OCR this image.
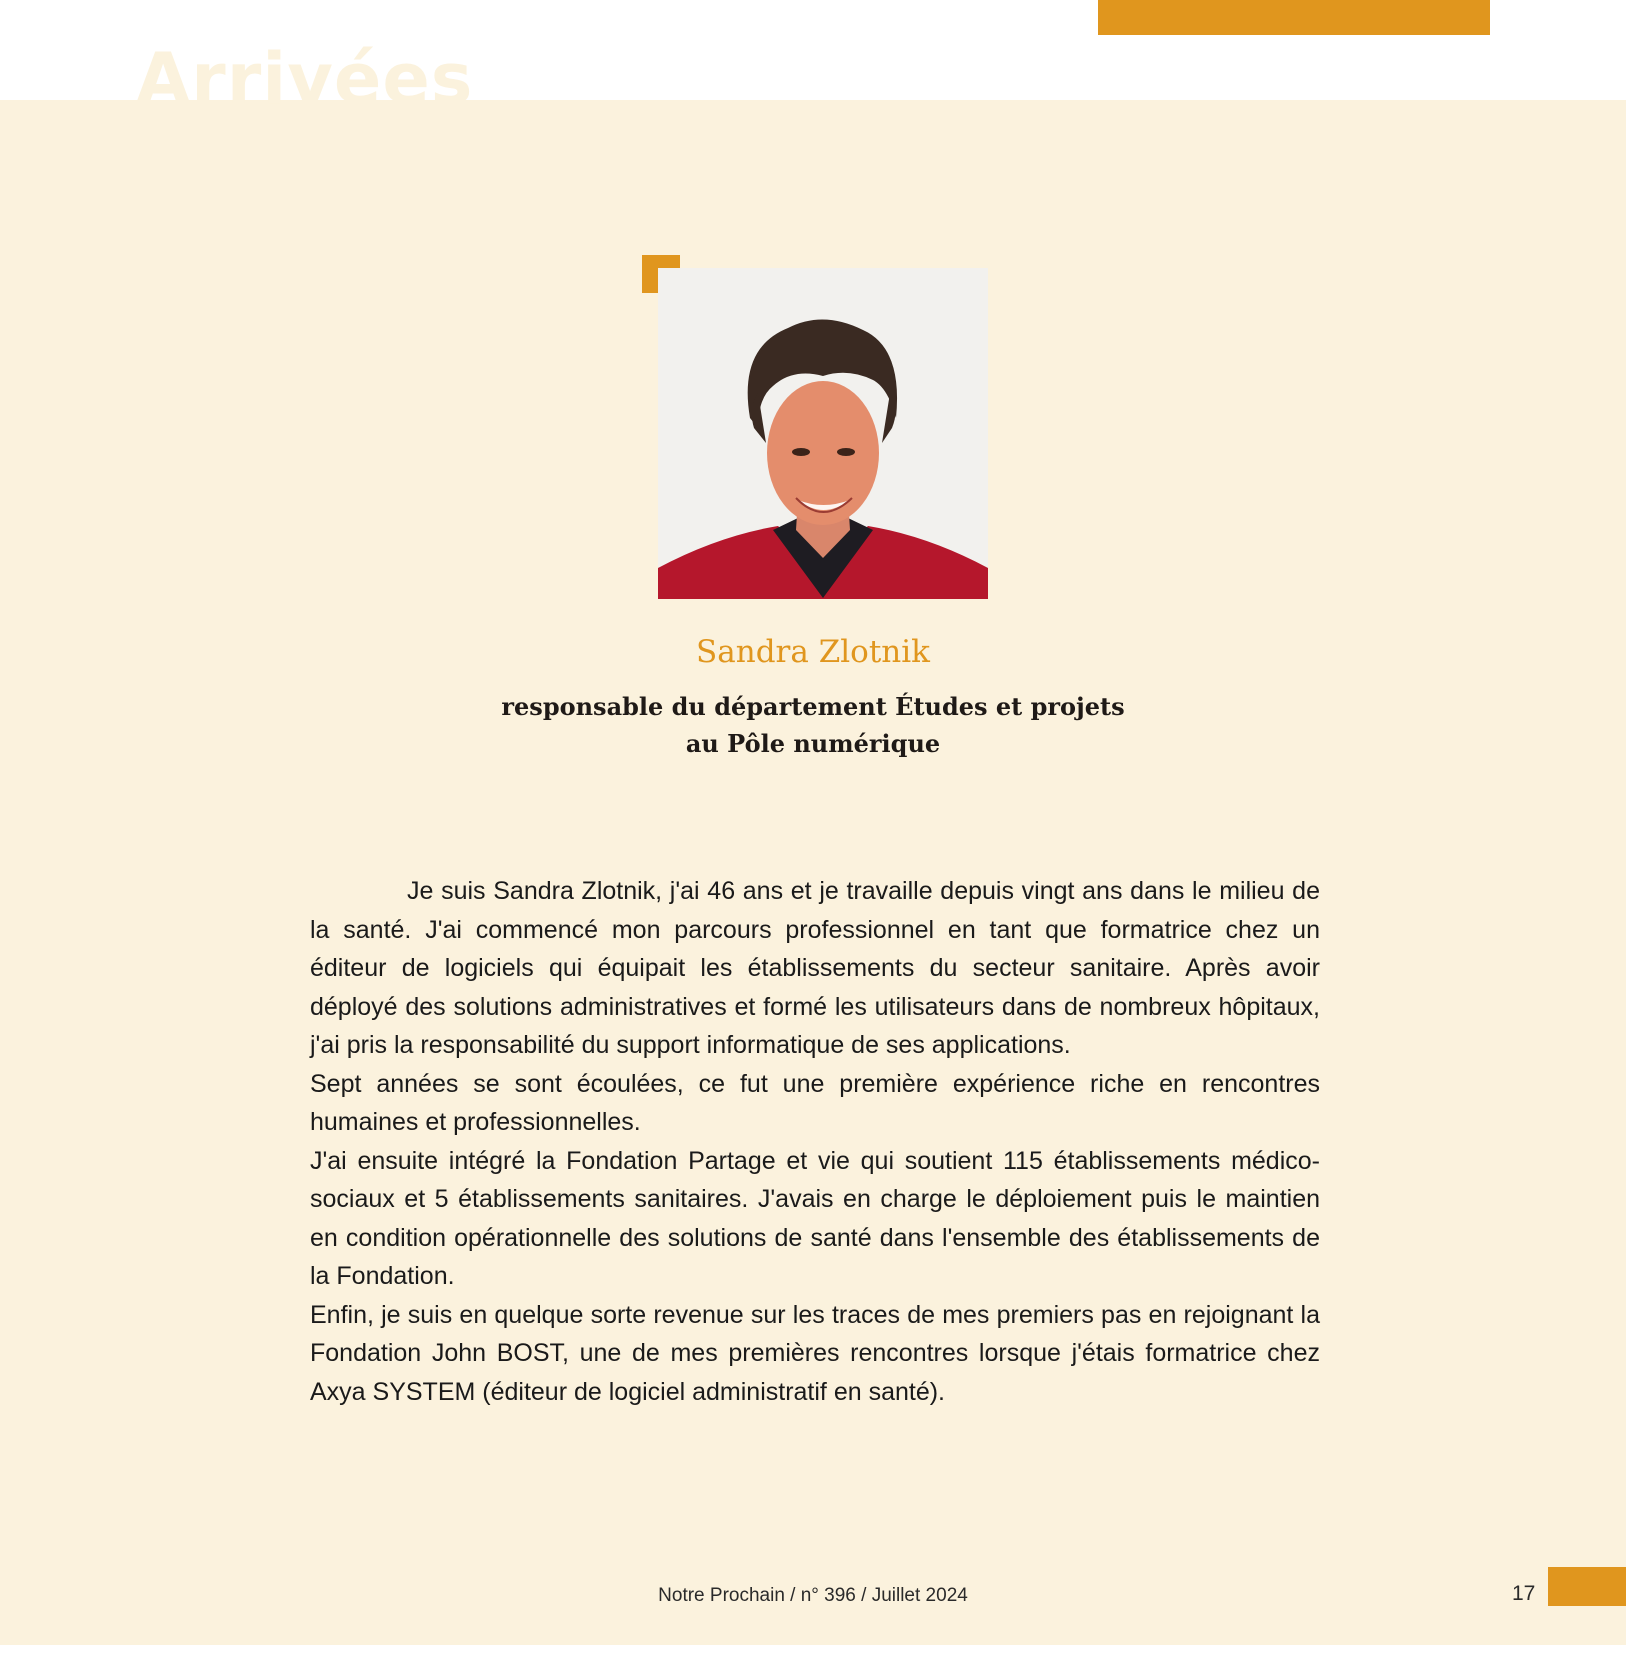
Arrivées
Sandra Zlotnik
responsable du département Études et projets
au Pôle numérique

Je suis Sandra Zlotnik, j'ai 46 ans et je travaille depuis vingt ans dans le milieu de la santé. J'ai commencé mon parcours professionnel en tant que formatrice chez un éditeur de logiciels qui équipait les établissements du secteur sanitaire. Après avoir déployé des solutions administratives et formé les utilisateurs dans de nombreux hôpitaux, j'ai pris la responsabilité du support informatique de ses applications.

Sept années se sont écoulées, ce fut une première expérience riche en rencontres humaines et professionnelles.

J'ai ensuite intégré la Fondation Partage et vie qui soutient 115 établissements médico-sociaux et 5 établissements sanitaires. J'avais en charge le déploiement puis le maintien en condition opérationnelle des solutions de santé dans l'ensemble des établissements de la Fondation.

Enfin, je suis en quelque sorte revenue sur les traces de mes premiers pas en rejoignant la Fondation John BOST, une de mes premières rencontres lorsque j'étais formatrice chez Axya SYSTEM (éditeur de logiciel administratif en santé).

Notre Prochain / n° 396 / Juillet 2024	17
